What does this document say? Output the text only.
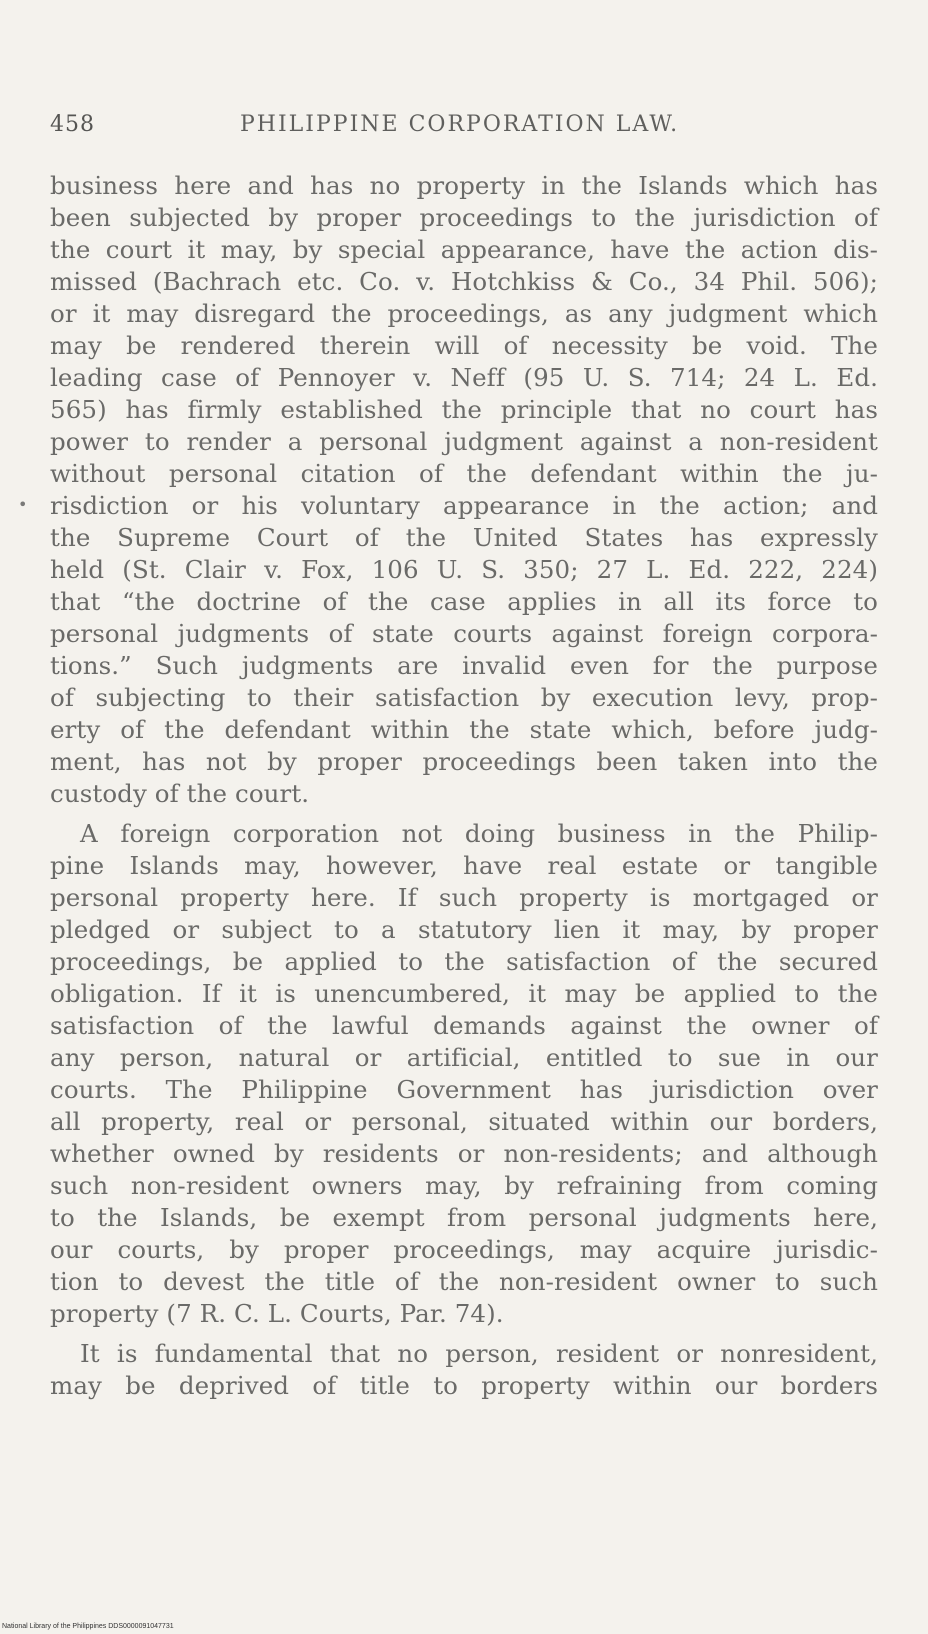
458	PHILIPPINE CORPORATION LAW.
•
business here and has no property in the Islands which has
been subjected by proper proceedings to the jurisdiction of
the court it may, by special appearance, have the action dis-
missed (Bachrach etc. Co. v. Hotchkiss & Co., 34 Phil. 506);
or it may disregard the proceedings, as any judgment which
may be rendered therein will of necessity be void. The
leading case of Pennoyer v. Neff (95 U. S. 714; 24 L. Ed.
565) has firmly established the principle that no court has
power to render a personal judgment against a non-resident
without personal citation of the defendant within the ju-
risdiction or his voluntary appearance in the action; and
the Supreme Court of the United States has expressly
held (St. Clair v. Fox, 106 U. S. 350; 27 L. Ed. 222, 224)
that “the doctrine of the case applies in all its force to
personal judgments of state courts against foreign corpora-
tions.” Such judgments are invalid even for the purpose
of subjecting to their satisfaction by execution levy, prop-
erty of the defendant within the state which, before judg-
ment, has not by proper proceedings been taken into the
custody of the court.
A foreign corporation not doing business in the Philip-
pine Islands may, however, have real estate or tangible
personal property here. If such property is mortgaged or
pledged or subject to a statutory lien it may, by proper
proceedings, be applied to the satisfaction of the secured
obligation. If it is unencumbered, it may be applied to the
satisfaction of the lawful demands against the owner of
any person, natural or artificial, entitled to sue in our
courts. The Philippine Government has jurisdiction over
all property, real or personal, situated within our borders,
whether owned by residents or non-residents; and although
such non-resident owners may, by refraining from coming
to the Islands, be exempt from personal judgments here,
our courts, by proper proceedings, may acquire jurisdic-
tion to devest the title of the non-resident owner to such
property (7 R. C. L. Courts, Par. 74).
It is fundamental that no person, resident or nonresident,
may be deprived of title to property within our borders
National Library of the Philippines DDS0000091047731
